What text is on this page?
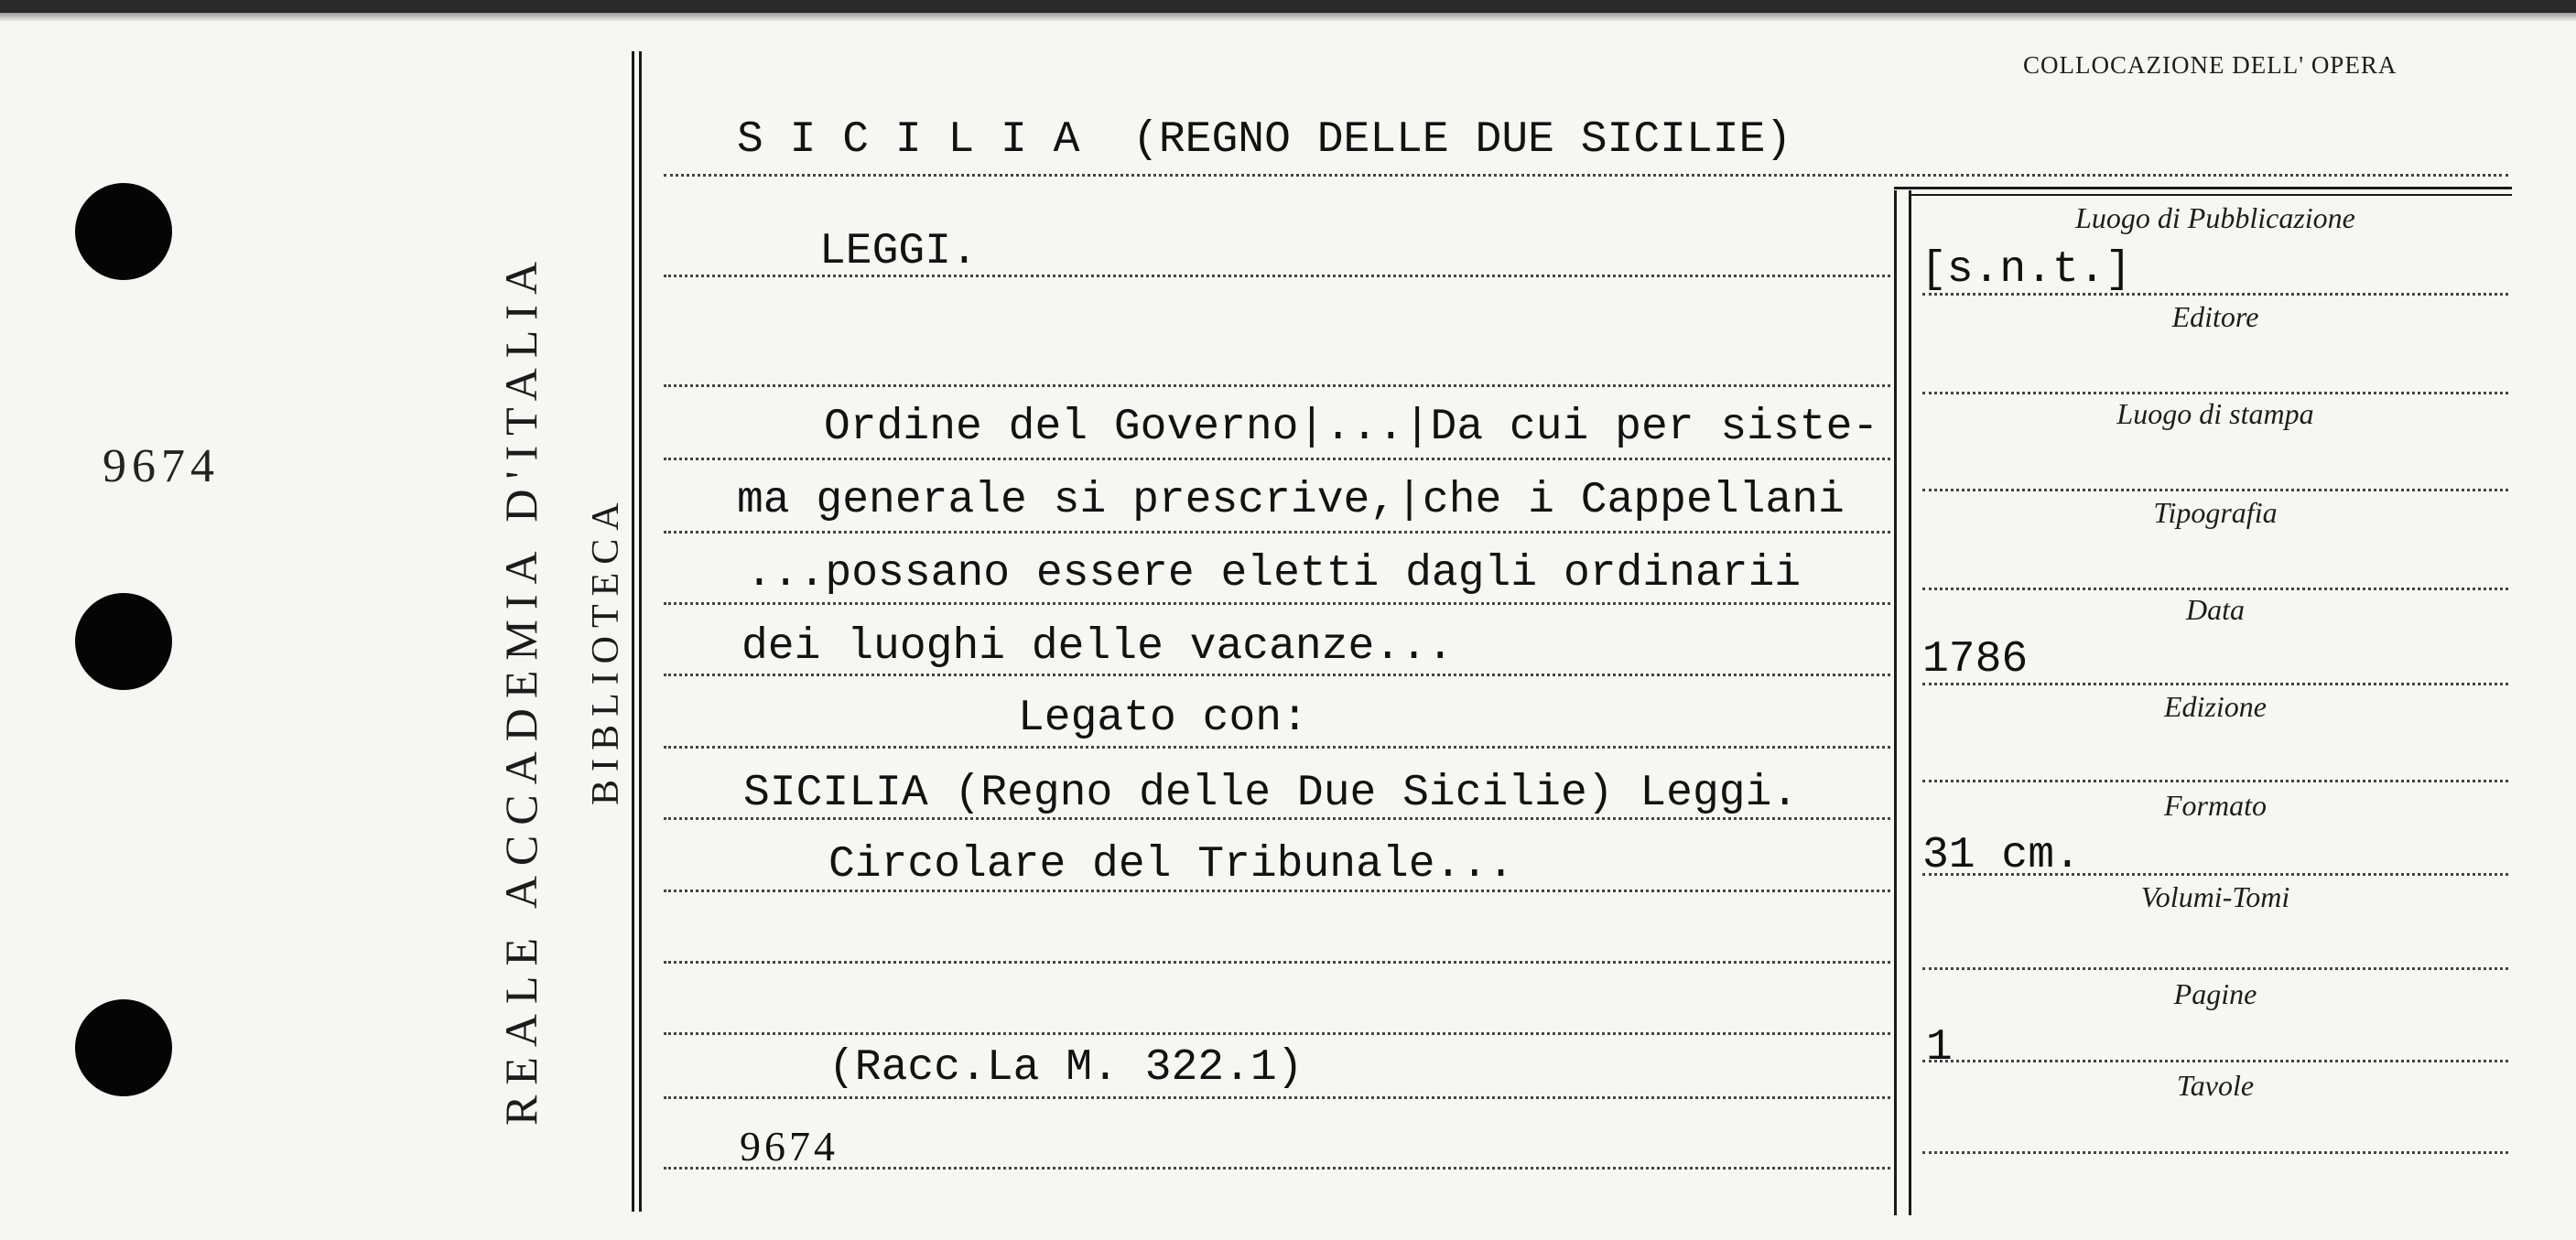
9674	REALE ACCADEMIA D'ITALIA BIBLIOTECA
COLLOCAZIONE DELL' OPERA
S I C I L I A  (REGNO DELLE DUE SICILIE)
LEGGI.
Ordine del Governo|...|Da cui per siste-
ma generale si prescrive,|che i Cappellani
...possano essere eletti dagli ordinarii
dei luoghi delle vacanze...
Legato con:
SICILIA (Regno delle Due Sicilie) Leggi.
Circolare del Tribunale...
(Racc.La M. 322.1)
9674
Luogo di Pubblicazione
Editore
Luogo di stampa
Tipografia
Data
Edizione
Formato
Volumi-Tomi
Pagine
Tavole
[s.n.t.]
1786
31 cm.
1
